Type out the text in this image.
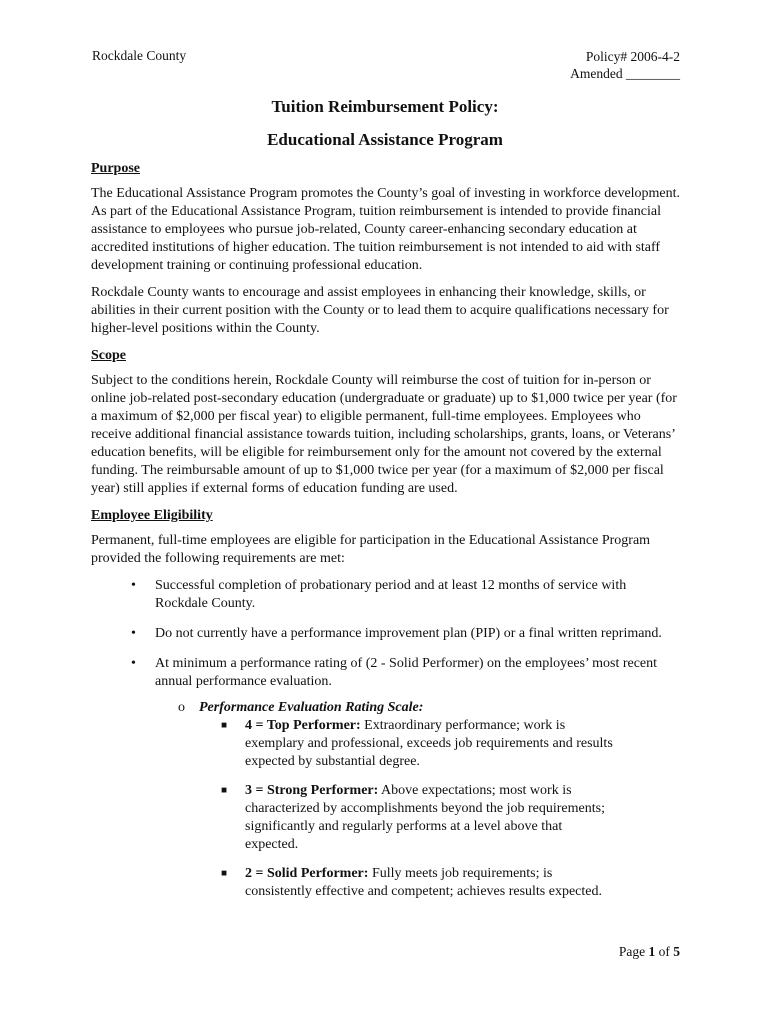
Rockdale County	Policy# 2006-4-2
Amended ________
Tuition Reimbursement Policy:
Educational Assistance Program
Purpose

The Educational Assistance Program promotes the County’s goal of investing in workforce development. As part of the Educational Assistance Program, tuition reimbursement is intended to provide financial assistance to employees who pursue job-related, County career-enhancing secondary education at accredited institutions of higher education. The tuition reimbursement is not intended to aid with staff development training or continuing professional education.

Rockdale County wants to encourage and assist employees in enhancing their knowledge, skills, or abilities in their current position with the County or to lead them to acquire qualifications necessary for higher-level positions within the County.

Scope

Subject to the conditions herein, Rockdale County will reimburse the cost of tuition for in-person or online job-related post-secondary education (undergraduate or graduate) up to $1,000 twice per year (for a maximum of $2,000 per fiscal year) to eligible permanent, full-time employees. Employees who receive additional financial assistance towards tuition, including scholarships, grants, loans, or Veterans’ education benefits, will be eligible for reimbursement only for the amount not covered by the external funding. The reimbursable amount of up to $1,000 twice per year (for a maximum of $2,000 per fiscal year) still applies if external forms of education funding are used.

Employee Eligibility

Permanent, full-time employees are eligible for participation in the Educational Assistance Program provided the following requirements are met:

• Successful completion of probationary period and at least 12 months of service with Rockdale County.
• Do not currently have a performance improvement plan (PIP) or a final written reprimand.
• At minimum a performance rating of (2 - Solid Performer) on the employees’ most recent annual performance evaluation.
o Performance Evaluation Rating Scale:
■ 4 = Top Performer: Extraordinary performance; work is exemplary and professional, exceeds job requirements and results expected by substantial degree.
■ 3 = Strong Performer: Above expectations; most work is characterized by accomplishments beyond the job requirements; significantly and regularly performs at a level above that expected.
■ 2 = Solid Performer: Fully meets job requirements; is consistently effective and competent; achieves results expected.
Page 1 of 5
